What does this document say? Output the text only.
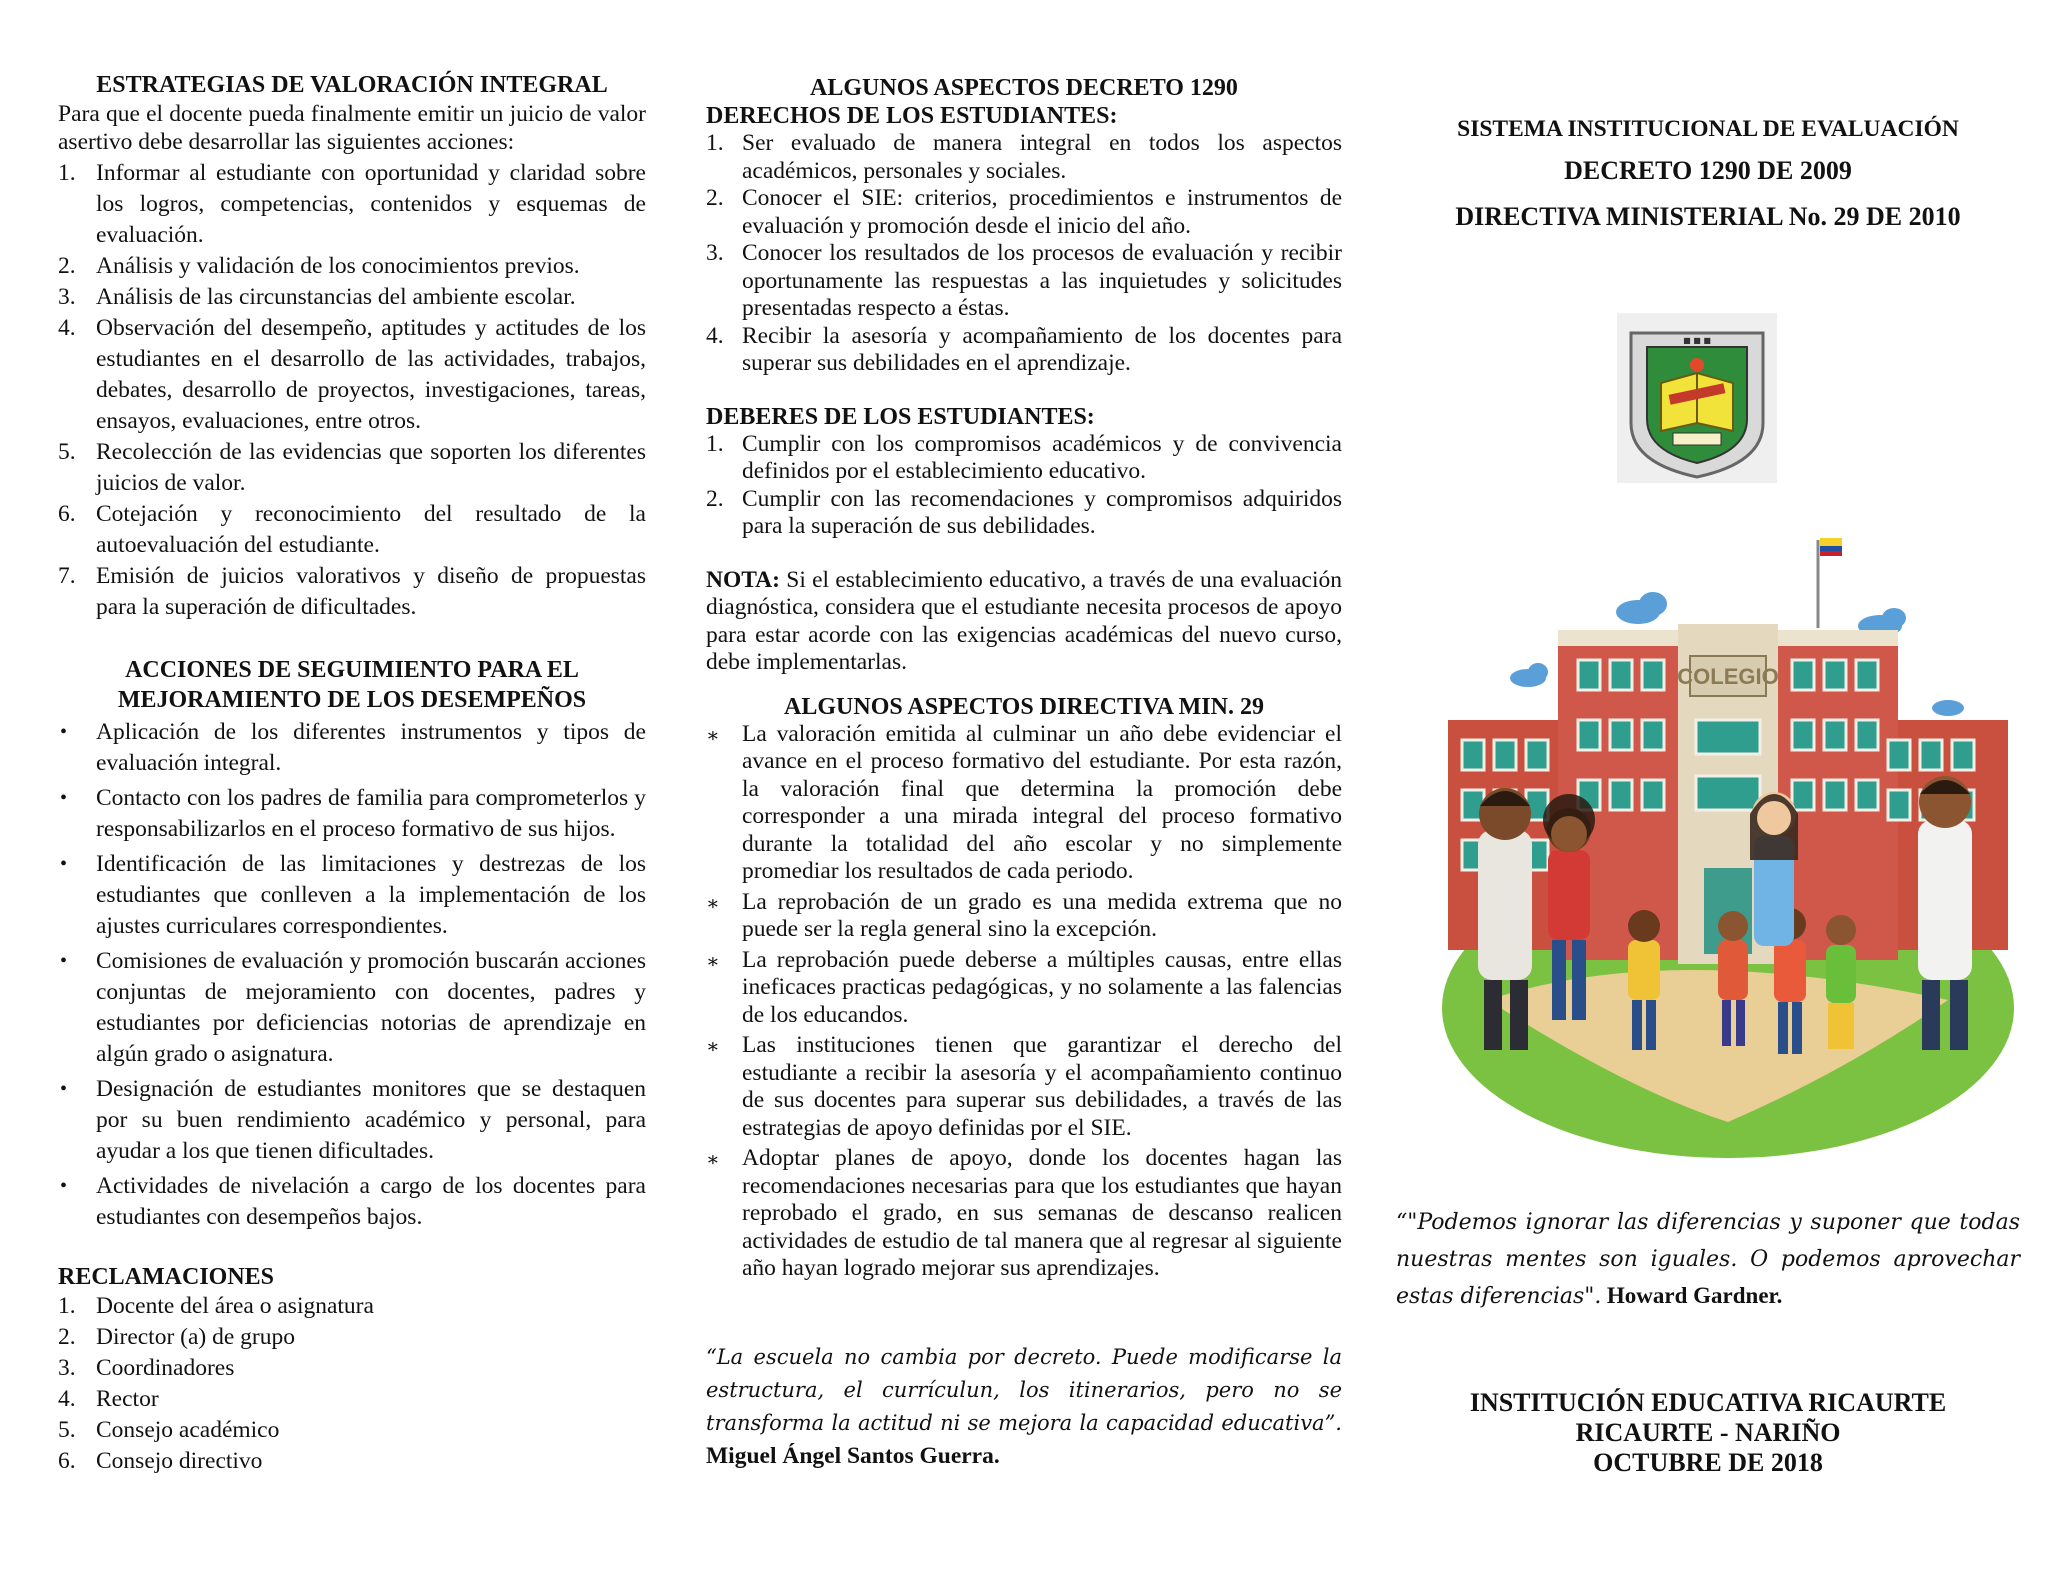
ESTRATEGIAS DE VALORACIÓN INTEGRAL

Para que el docente pueda finalmente emitir un juicio de valor asertivo debe desarrollar las siguientes acciones:

1. Informar al estudiante con oportunidad y claridad sobre los logros, competencias, contenidos y esquemas de evaluación.
2. Análisis y validación de los conocimientos previos.
3. Análisis de las circunstancias del ambiente escolar.
4. Observación del desempeño, aptitudes y actitudes de los estudiantes en el desarrollo de las actividades, trabajos, debates, desarrollo de proyectos, investigaciones, tareas, ensayos, evaluaciones, entre otros.
5. Recolección de las evidencias que soporten los diferentes juicios de valor.
6. Cotejación y reconocimiento del resultado de la autoevaluación del estudiante.
7. Emisión de juicios valorativos y diseño de propuestas para la superación de dificultades.
ACCIONES DE SEGUIMIENTO PARA EL MEJORAMIENTO DE LOS DESEMPEÑOS
• Aplicación de los diferentes instrumentos y tipos de evaluación integral.
• Contacto con los padres de familia para comprometerlos y responsabilizarlos en el proceso formativo de sus hijos.
• Identificación de las limitaciones y destrezas de los estudiantes que conlleven a la implementación de los ajustes curriculares correspondientes.
• Comisiones de evaluación y promoción buscarán acciones conjuntas de mejoramiento con docentes, padres y estudiantes por deficiencias notorias de aprendizaje en algún grado o asignatura.
• Designación de estudiantes monitores que se destaquen por su buen rendimiento académico y personal, para ayudar a los que tienen dificultades.
• Actividades de nivelación a cargo de los docentes para estudiantes con desempeños bajos.
RECLAMACIONES
1. Docente del área o asignatura
2. Director (a) de grupo
3. Coordinadores
4. Rector
5. Consejo académico
6. Consejo directivo
ALGUNOS ASPECTOS DECRETO 1290
DERECHOS DE LOS ESTUDIANTES:
1. Ser evaluado de manera integral en todos los aspectos académicos, personales y sociales.
2. Conocer el SIE: criterios, procedimientos e instrumentos de evaluación y promoción desde el inicio del año.
3. Conocer los resultados de los procesos de evaluación y recibir oportunamente las respuestas a las inquietudes y solicitudes presentadas respecto a éstas.
4. Recibir la asesoría y acompañamiento de los docentes para superar sus debilidades en el aprendizaje.
DEBERES DE LOS ESTUDIANTES:
1. Cumplir con los compromisos académicos y de convivencia definidos por el establecimiento educativo.
2. Cumplir con las recomendaciones y compromisos adquiridos para la superación de sus debilidades.

NOTA: Si el establecimiento educativo, a través de una evaluación diagnóstica, considera que el estudiante necesita procesos de apoyo para estar acorde con las exigencias académicas del nuevo curso, debe implementarlas.

ALGUNOS ASPECTOS DIRECTIVA MIN. 29
∗ La valoración emitida al culminar un año debe evidenciar el avance en el proceso formativo del estudiante. Por esta razón, la valoración final que determina la promoción debe corresponder a una mirada integral del proceso formativo durante la totalidad del año escolar y no simplemente promediar los resultados de cada periodo.
∗ La reprobación de un grado es una medida extrema que no puede ser la regla general sino la excepción.
∗ La reprobación puede deberse a múltiples causas, entre ellas ineficaces practicas pedagógicas, y no solamente a las falencias de los educandos.
∗ Las instituciones tienen que garantizar el derecho del estudiante a recibir la asesoría y el acompañamiento continuo de sus docentes para superar sus debilidades, a través de las estrategias de apoyo definidas por el SIE.
∗ Adoptar planes de apoyo, donde los docentes hagan las recomendaciones necesarias para que los estudiantes que hayan reprobado el grado, en sus semanas de descanso realicen actividades de estudio de tal manera que al regresar al siguiente año hayan logrado mejorar sus aprendizajes.

“La escuela no cambia por decreto. Puede modificarse la estructura, el currículun, los itinerarios, pero no se transforma la actitud ni se mejora la capacidad educativa”. Miguel Ángel Santos Guerra.

SISTEMA INSTITUCIONAL DE EVALUACIÓN
DECRETO 1290 DE 2009
DIRECTIVA MINISTERIAL No. 29 DE 2010
■ ■ ■
COLEGIO

“"Podemos ignorar las diferencias y suponer que todas nuestras mentes son iguales. O podemos aprovechar estas diferencias". Howard Gardner.

INSTITUCIÓN EDUCATIVA RICAURTE
RICAURTE - NARIÑO
OCTUBRE DE 2018
